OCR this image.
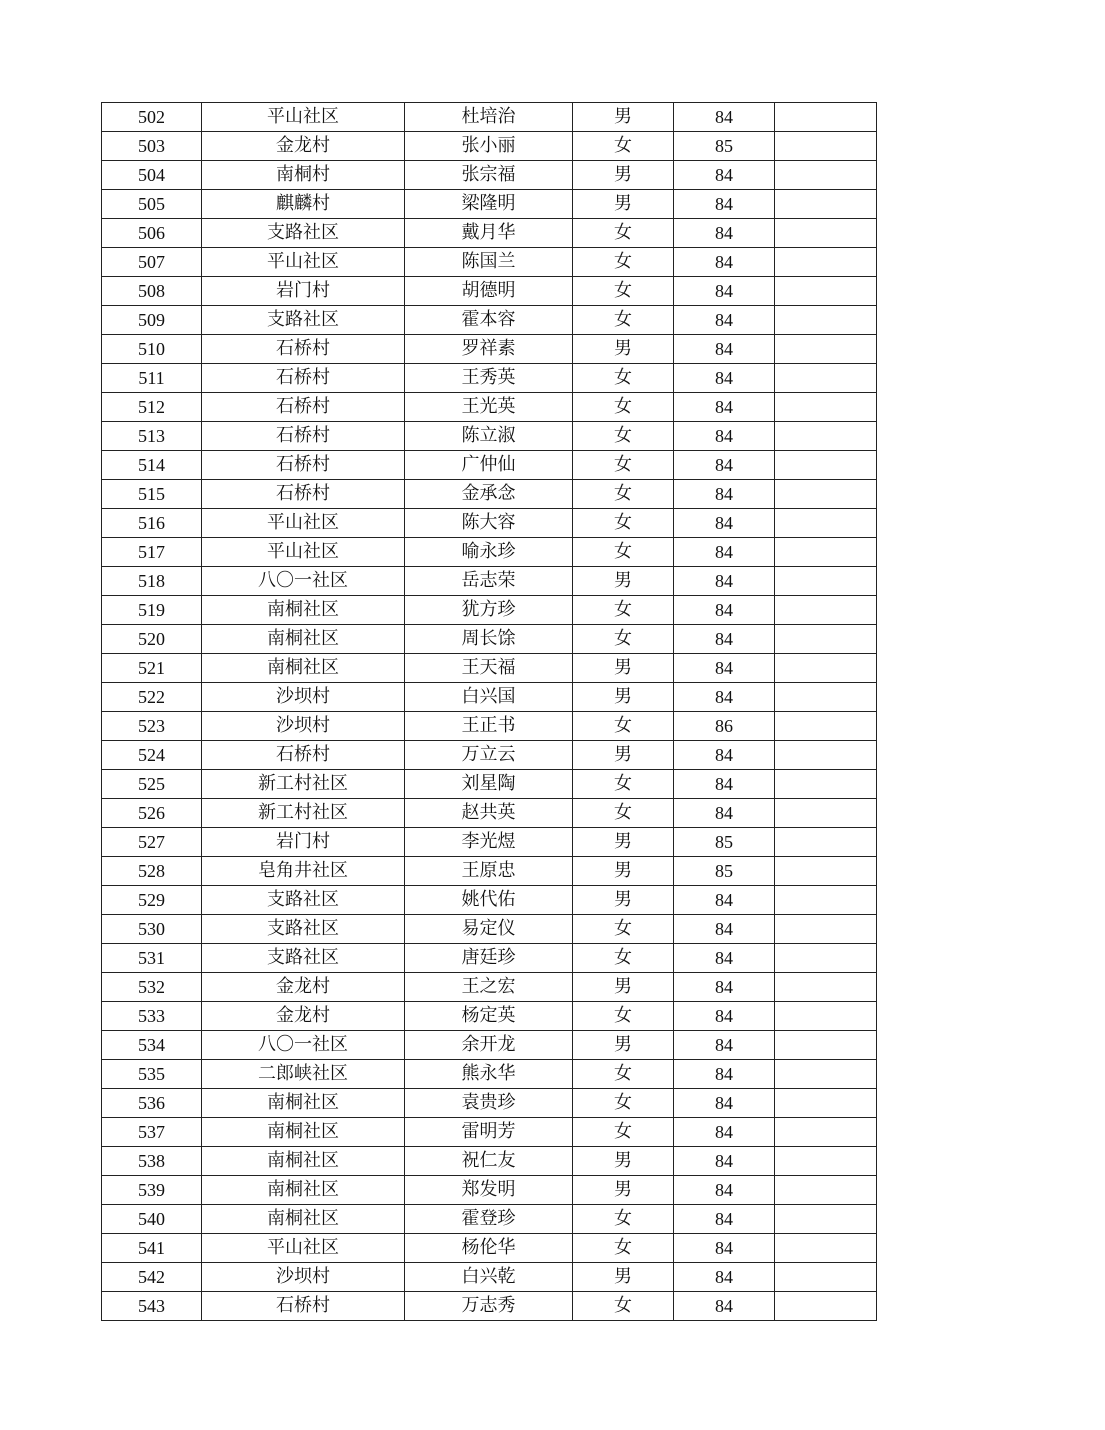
502	平山社区	杜培治	男	84	
503	金龙村	张小丽	女	85	
504	南桐村	张宗福	男	84	
505	麒麟村	梁隆明	男	84	
506	支路社区	戴月华	女	84	
507	平山社区	陈国兰	女	84	
508	岩门村	胡德明	女	84	
509	支路社区	霍本容	女	84	
510	石桥村	罗祥素	男	84	
511	石桥村	王秀英	女	84	
512	石桥村	王光英	女	84	
513	石桥村	陈立淑	女	84	
514	石桥村	广仲仙	女	84	
515	石桥村	金承念	女	84	
516	平山社区	陈大容	女	84	
517	平山社区	喻永珍	女	84	
518	八〇一社区	岳志荣	男	84	
519	南桐社区	犹方珍	女	84	
520	南桐社区	周长馀	女	84	
521	南桐社区	王天福	男	84	
522	沙坝村	白兴国	男	84	
523	沙坝村	王正书	女	86	
524	石桥村	万立云	男	84	
525	新工村社区	刘星陶	女	84	
526	新工村社区	赵共英	女	84	
527	岩门村	李光煜	男	85	
528	皂角井社区	王原忠	男	85	
529	支路社区	姚代佑	男	84	
530	支路社区	易定仪	女	84	
531	支路社区	唐廷珍	女	84	
532	金龙村	王之宏	男	84	
533	金龙村	杨定英	女	84	
534	八〇一社区	余开龙	男	84	
535	二郎峡社区	熊永华	女	84	
536	南桐社区	袁贵珍	女	84	
537	南桐社区	雷明芳	女	84	
538	南桐社区	祝仁友	男	84	
539	南桐社区	郑发明	男	84	
540	南桐社区	霍登珍	女	84	
541	平山社区	杨伦华	女	84	
542	沙坝村	白兴乾	男	84	
543	石桥村	万志秀	女	84	
